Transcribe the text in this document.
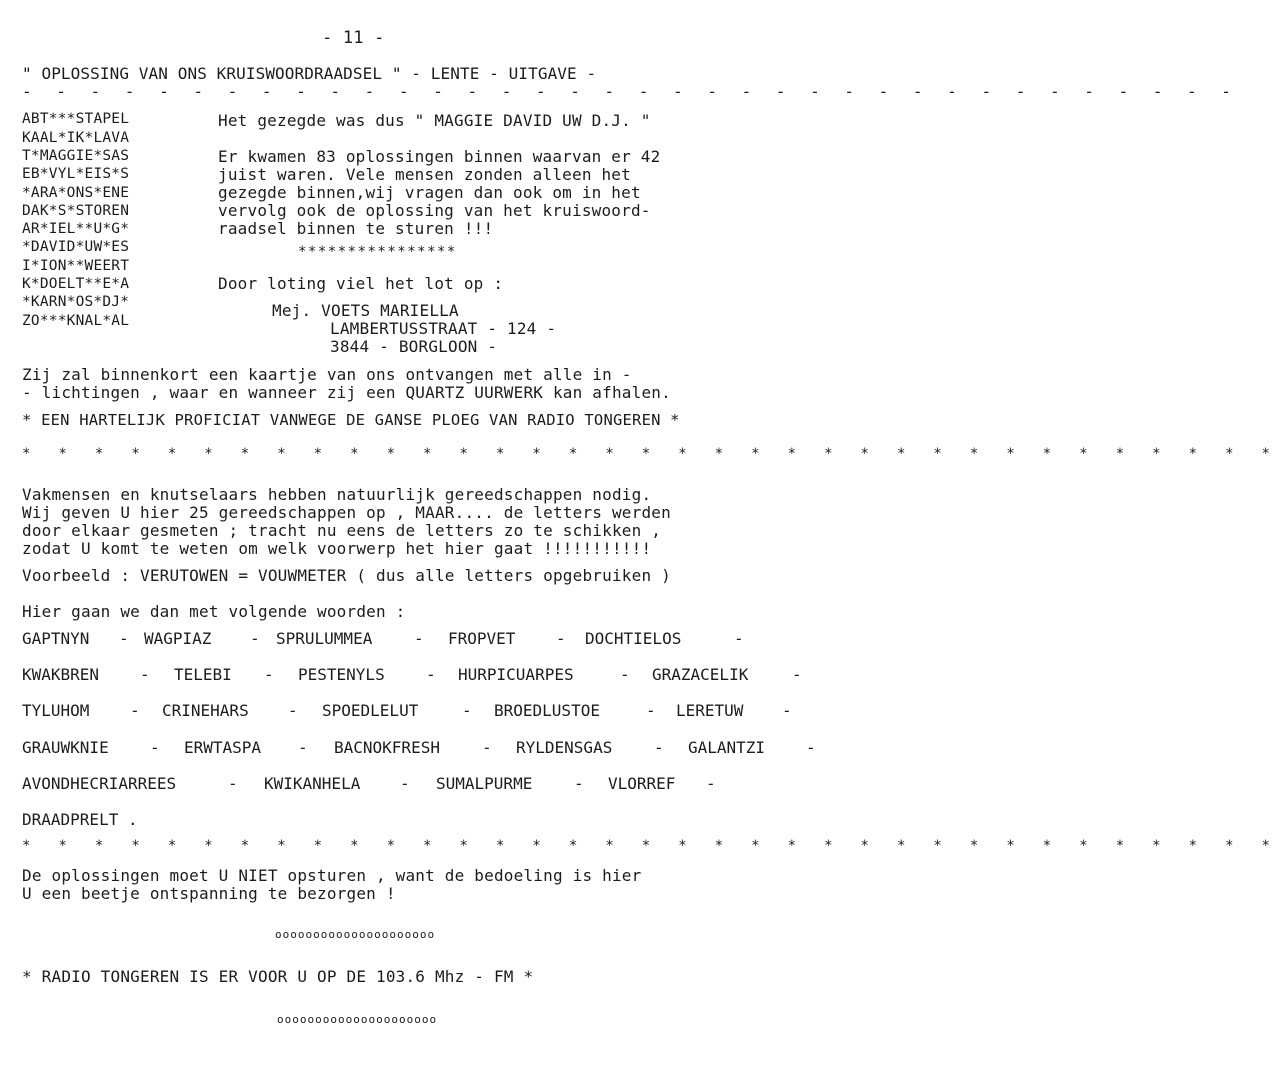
- 11 -
" OPLOSSING VAN ONS KRUISWOORDRAADSEL " - LENTE - UITGAVE -
- - - - - - - - - - - - - - - - - - - - - - - - - - - - - - - - - - - -
ABT***STAPEL
KAAL*IK*LAVA
T*MAGGIE*SAS
EB*VYL*EIS*S
*ARA*ONS*ENE
DAK*S*STOREN
AR*IEL**U*G*
*DAVID*UW*ES
I*ION**WEERT
K*DOELT**E*A
*KARN*OS*DJ*
ZO***KNAL*AL
Het gezegde was dus " MAGGIE DAVID UW D.J. "
Er kwamen 83 oplossingen binnen waarvan er 42
juist waren. Vele mensen zonden alleen het
gezegde binnen,wij vragen dan ook om in het
vervolg ook de oplossing van het kruiswoord-
raadsel binnen te sturen !!!
****************
Door loting viel het lot op :
Mej. VOETS MARIELLA
LAMBERTUSSTRAAT - 124 -
3844 - BORGLOON -
Zij zal binnenkort een kaartje van ons ontvangen met alle in -
- lichtingen , waar en wanneer zij een QUARTZ UURWERK kan afhalen.
* EEN HARTELIJK PROFICIAT VANWEGE DE GANSE PLOEG VAN RADIO TONGEREN *
* * * * * * * * * * * * * * * * * * * * * * * * * * * * * * * * * * *
Vakmensen en knutselaars hebben natuurlijk gereedschappen nodig.
Wij geven U hier 25 gereedschappen op , MAAR.... de letters werden
door elkaar gesmeten ; tracht nu eens de letters zo te schikken ,
zodat U komt te weten om welk voorwerp het hier gaat !!!!!!!!!!!
Voorbeeld : VERUTOWEN = VOUWMETER ( dus alle letters opgebruiken )
Hier gaan we dan met volgende woorden :
GAPTNYN - WAGPIAZ - SPRULUMMEA	- FROPVET	- DOCHTIELOS	-
KWAKBREN	- TELEBI - PESTENYLS	- HURPICUARPES	- GRAZACELIK	-
TYLUHOM	- CRINEHARS - SPOEDLELUT	- BROEDLUSTOE	- LERETUW -
GRAUWKNIE	- ERWTASPA - BACNOKFRESH	- RYLDENSGAS	- GALANTZI	-
AVONDHECRIARREES	- KWIKANHELA - SUMALPURME	- VLORREF -
DRAADPRELT .
* * * * * * * * * * * * * * * * * * * * * * * * * * * * * * * * * * *
De oplossingen moet U NIET opsturen , want de bedoeling is hier
U een beetje ontspanning te bezorgen !
ooooooooooooooooooooo
* RADIO TONGEREN IS ER VOOR U OP DE 103.6 Mhz - FM *
ooooooooooooooooooooo
